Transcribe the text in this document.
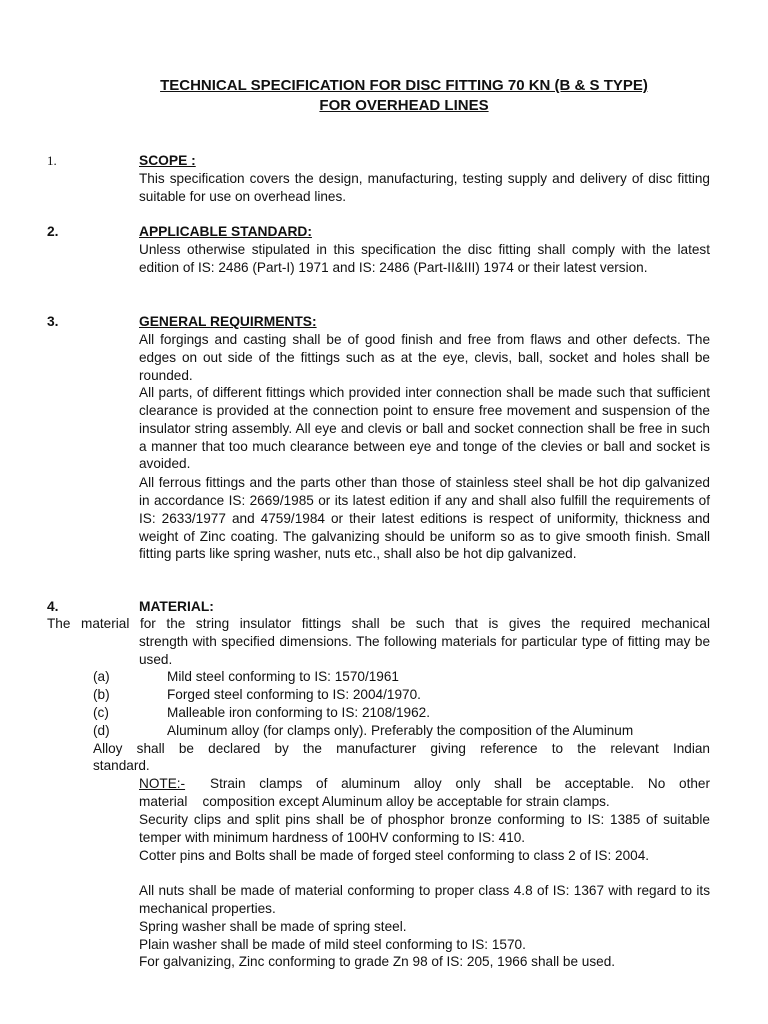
TECHNICAL SPECIFICATION FOR DISC FITTING 70 KN (B & S TYPE)
FOR OVERHEAD LINES
1.	SCOPE :
This specification covers the design, manufacturing, testing supply and delivery of disc fitting suitable for use on overhead lines.
2.	APPLICABLE STANDARD:
Unless otherwise stipulated in this specification the disc fitting shall comply with the latest edition of IS: 2486 (Part-I) 1971 and IS: 2486 (Part-II&III) 1974 or their latest version.
3.	GENERAL REQUIRMENTS:
All forgings and casting shall be of good finish and free from flaws and other defects. The edges on out side of the fittings such as at the eye, clevis, ball, socket and holes shall be rounded.
All parts, of different fittings which provided inter connection shall be made such that sufficient clearance is provided at the connection point to ensure free movement and suspension of the insulator string assembly. All eye and clevis or ball and socket connection shall be free in such a manner that too much clearance between eye and tonge of the clevies or ball and socket is avoided.
All ferrous fittings and the parts other than those of stainless steel shall be hot dip galvanized in accordance IS: 2669/1985 or its latest edition if any and shall also fulfill the requirements of IS: 2633/1977 and 4759/1984 or their latest editions is respect of uniformity, thickness and weight of Zinc coating. The galvanizing should be uniform so as to give smooth finish. Small fitting parts like spring washer, nuts etc., shall also be hot dip galvanized.
4.	MATERIAL:
The material for the string insulator fittings shall be such that is gives the required mechanical
strength with specified dimensions. The following materials for particular type of fitting may be used.
(a)	Mild steel conforming to IS: 1570/1961
(b)	Forged steel conforming to IS: 2004/1970.
(c)	Malleable iron conforming to IS: 2108/1962.
(d)	Aluminum alloy (for clamps only). Preferably the composition of the Aluminum
Alloy shall be declared by the manufacturer giving reference to the relevant Indian
standard.
NOTE:- Strain clamps of aluminum alloy only shall be acceptable. No other
material    composition except Aluminum alloy be acceptable for strain clamps.
Security clips and split pins shall be of phosphor bronze conforming to IS: 1385 of suitable temper with minimum hardness of 100HV conforming to IS: 410.
Cotter pins and Bolts shall be made of forged steel conforming to class 2 of IS: 2004.
All nuts shall be made of material conforming to proper class 4.8 of IS: 1367 with regard to its mechanical properties.
Spring washer shall be made of spring steel.
Plain washer shall be made of mild steel conforming to IS: 1570.
For galvanizing, Zinc conforming to grade Zn 98 of IS: 205, 1966 shall be used.
